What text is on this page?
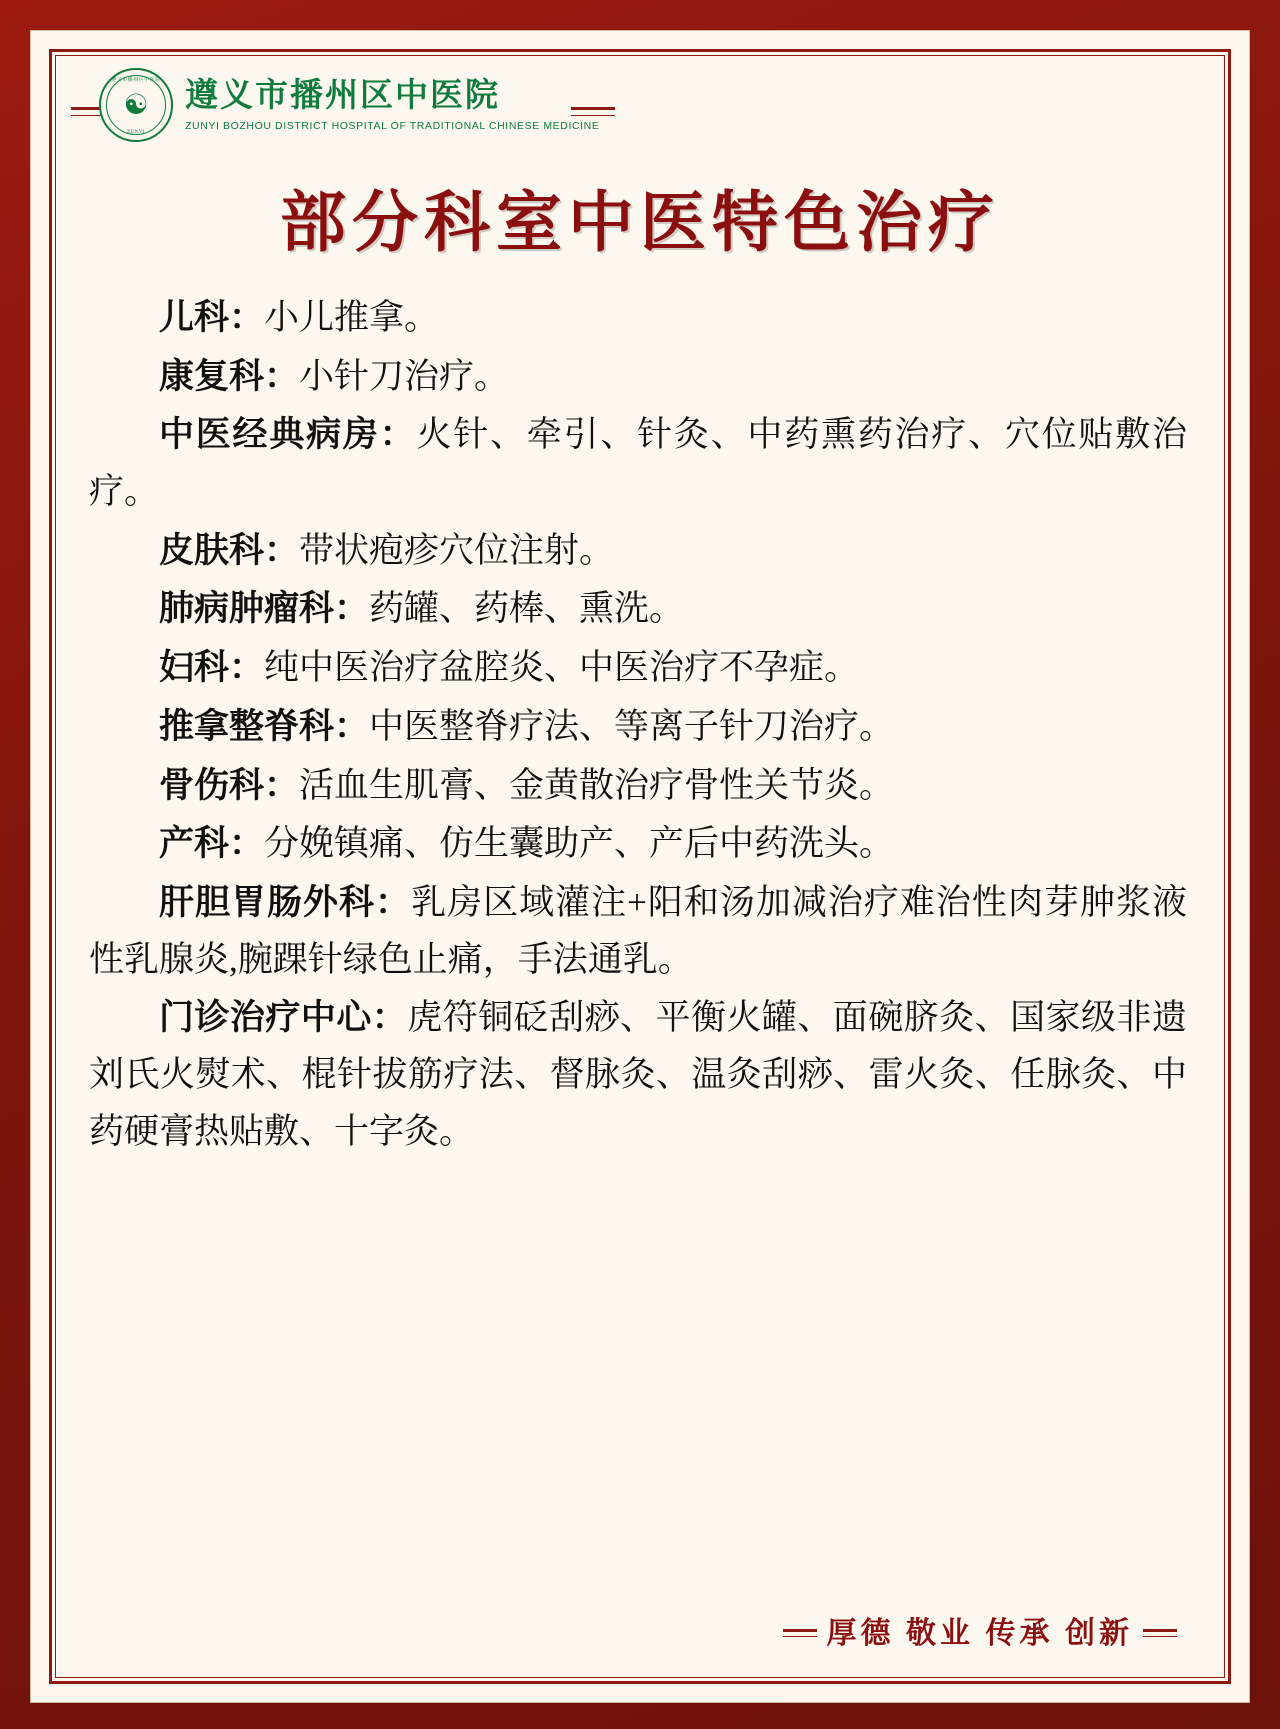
遵义市播州区中医院
☯
ZUNYI
遵义市播州区中医院
ZUNYI BOZHOU DISTRICT HOSPITAL OF TRADITIONAL CHINESE MEDICINE
部分科室中医特色治疗

儿科：小儿推拿。

康复科：小针刀治疗。

中医经典病房：火针、牵引、针灸、中药熏药治疗、穴位贴敷治疗。

皮肤科：带状疱疹穴位注射。

肺病肿瘤科：药罐、药棒、熏洗。

妇科：纯中医治疗盆腔炎、中医治疗不孕症。

推拿整脊科：中医整脊疗法、等离子针刀治疗。

骨伤科：活血生肌膏、金黄散治疗骨性关节炎。

产科：分娩镇痛、仿生囊助产、产后中药洗头。

肝胆胃肠外科：乳房区域灌注+阳和汤加减治疗难治性肉芽肿浆液性乳腺炎,腕踝针绿色止痛，手法通乳。

门诊治疗中心：虎符铜砭刮痧、平衡火罐、面碗脐灸、国家级非遗刘氏火熨术、棍针拔筋疗法、督脉灸、温灸刮痧、雷火灸、任脉灸、中药硬膏热贴敷、十字灸。

厚德 敬业 传承 创新
